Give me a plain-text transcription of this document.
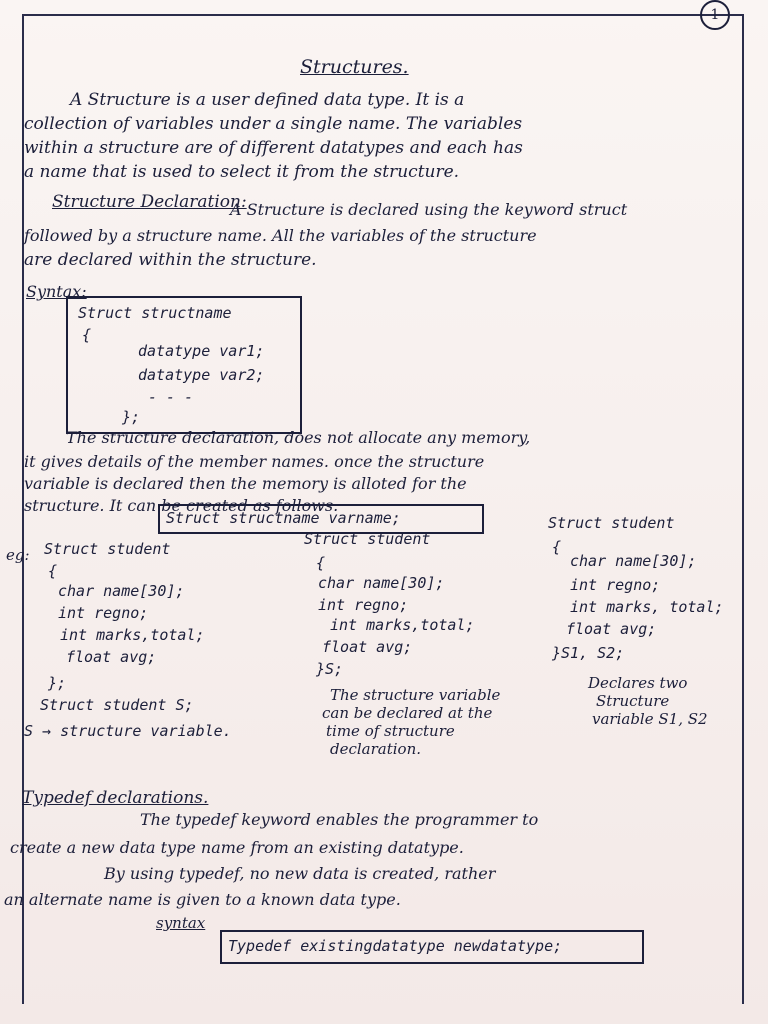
1
Structures.
A Structure is a user defined data type. It is a
collection of variables under a single name. The variables
within a structure are of different datatypes and each has
a name that is used to select it from the structure.
Structure Declaration:
A Structure is declared using the keyword struct
followed by a structure name. All the variables of the structure
are declared within the structure.
Syntax:
Struct structname
{
datatype var1;
datatype var2;
- - -
};
The structure declaration, does not allocate any memory,
it gives details of the member names. once the structure
variable is declared then the memory is alloted for the
structure. It can be created as follows.
Struct structname varname;
eg: Struct student
{
char name[30];
int regno;
int marks,total;
float avg;
};
Struct student S;
S → structure variable.
Struct student
{
char name[30];
int regno;
int marks,total;
float avg;
}S;
The structure variable
can be declared at the
time of structure
declaration.
Struct student
{
char name[30];
int regno;
int marks, total;
float avg;
}S1, S2;
Declares two
Structure
variable S1, S2
Typedef declarations.
The typedef keyword enables the programmer to
create a new data type name from an existing datatype.
By using typedef, no new data is created, rather
an alternate name is given to a known data type.
syntax
Typedef existingdatatype newdatatype;
